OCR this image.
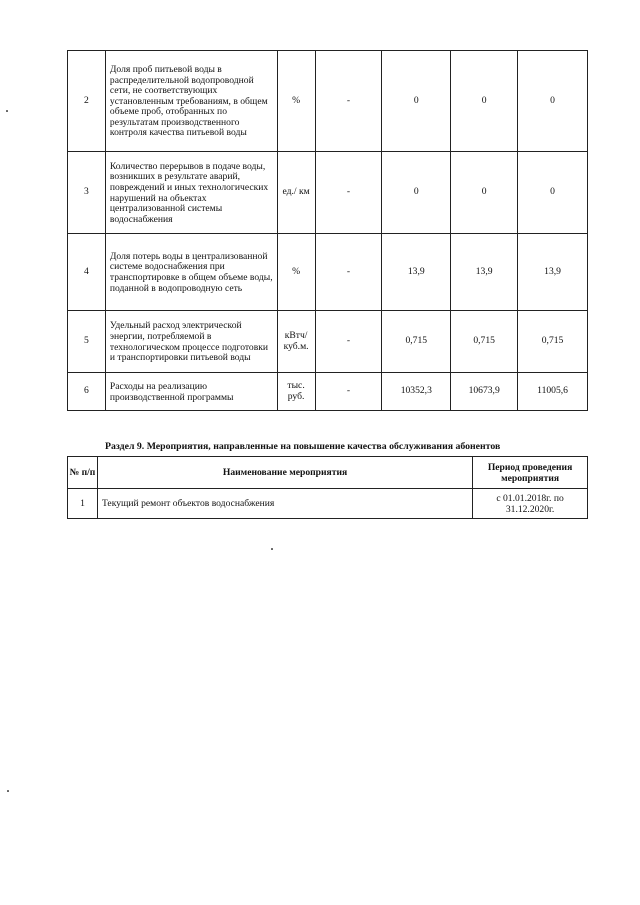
2	Доля проб питьевой воды в распределительной водопроводной сети, не соответствующих установленным требованиям, в общем объеме проб, отобранных по результатам производственного контроля качества питьевой воды	%	-	0	0	0
3	Количество перерывов в подаче воды, возникших в результате аварий, повреждений и иных технологических нарушений на объектах централизованной системы водоснабжения	ед./ км	-	0	0	0
4	Доля потерь воды в централизованной системе водоснабжения при транспортировке в общем объеме воды, поданной в водопроводную сеть	%	-	13,9	13,9	13,9
5	Удельный расход электрической энергии, потребляемой в технологическом процессе подготовки и транспортировки питьевой воды	кВтч/ куб.м.	-	0,715	0,715	0,715
6	Расходы на реализацию производственной программы	тыс. руб.	-	10352,3	10673,9	11005,6
Раздел 9. Мероприятия, направленные на повышение качества обслуживания абонентов
№ п/п	Наименование мероприятия	Период проведения мероприятия
1	Текущий ремонт объектов водоснабжения	с 01.01.2018г. по 31.12.2020г.
